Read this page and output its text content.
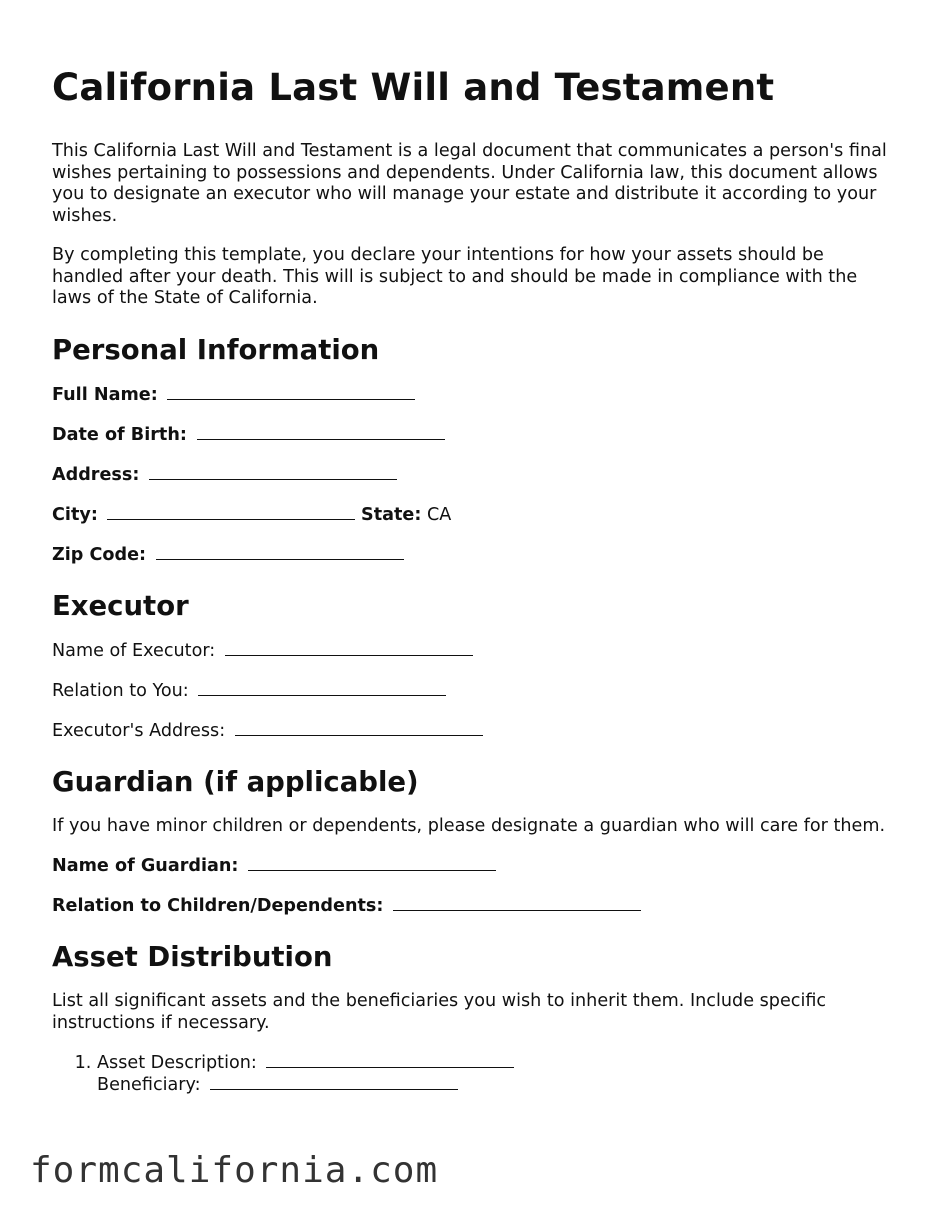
California Last Will and Testament

This California Last Will and Testament is a legal document that communicates a person's final wishes pertaining to possessions and dependents. Under California law, this document allows you to designate an executor who will manage your estate and distribute it according to your wishes.

By completing this template, you declare your intentions for how your assets should be handled after your death. This will is subject to and should be made in compliance with the laws of the State of California.

Personal Information
Full Name:
Date of Birth:
Address:
City:	State: CA
Zip Code:
Executor
Name of Executor:
Relation to You:
Executor's Address:
Guardian (if applicable)

If you have minor children or dependents, please designate a guardian who will care for them.

Name of Guardian:
Relation to Children/Dependents:
Asset Distribution

List all significant assets and the beneficiaries you wish to inherit them. Include specific instructions if necessary.

1. Asset Description:
Beneficiary:
formcalifornia.com
